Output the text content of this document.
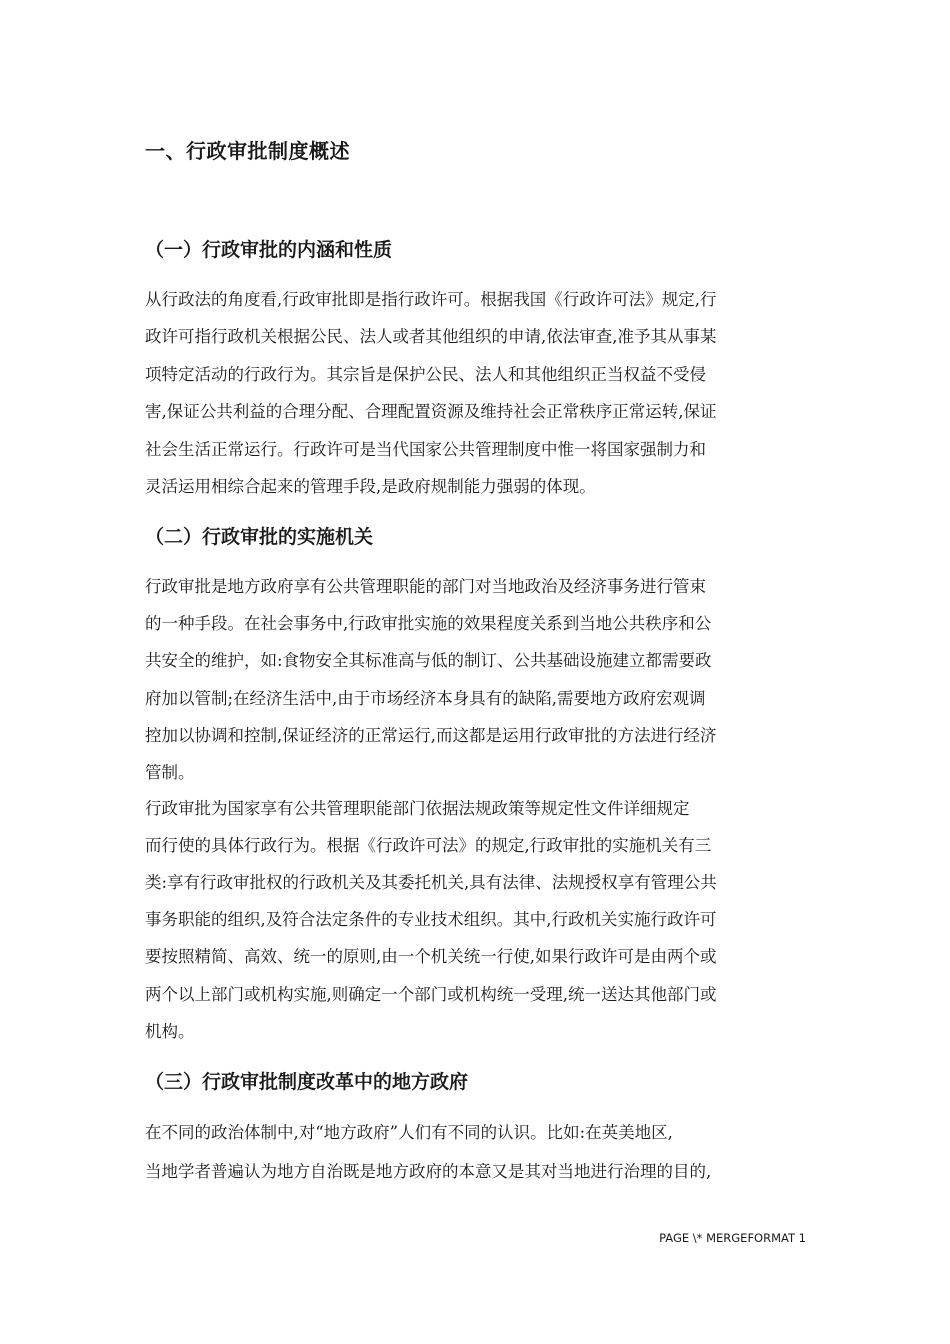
一、行政审批制度概述
（一）行政审批的内涵和性质
从行政法的角度看,行政审批即是指行政许可。根据我国《行政许可法》规定,行
政许可指行政机关根据公民、法人或者其他组织的申请,依法审查,准予其从事某
项特定活动的行政行为。其宗旨是保护公民、法人和其他组织正当权益不受侵
害,保证公共利益的合理分配、合理配置资源及维持社会正常秩序正常运转,保证
社会生活正常运行。行政许可是当代国家公共管理制度中惟一将国家强制力和
灵活运用相综合起来的管理手段,是政府规制能力强弱的体现。
（二）行政审批的实施机关
行政审批是地方政府享有公共管理职能的部门对当地政治及经济事务进行管束
的一种手段。在社会事务中,行政审批实施的效果程度关系到当地公共秩序和公
共安全的维护，如:食物安全其标准高与低的制订、公共基础设施建立都需要政
府加以管制;在经济生活中,由于市场经济本身具有的缺陷,需要地方政府宏观调
控加以协调和控制,保证经济的正常运行,而这都是运用行政审批的方法进行经济
管制。
行政审批为国家享有公共管理职能部门依据法规政策等规定性文件详细规定
而行使的具体行政行为。根据《行政许可法》的规定,行政审批的实施机关有三
类:享有行政审批权的行政机关及其委托机关,具有法律、法规授权享有管理公共
事务职能的组织,及符合法定条件的专业技术组织。其中,行政机关实施行政许可
要按照精简、高效、统一的原则,由一个机关统一行使,如果行政许可是由两个或
两个以上部门或机构实施,则确定一个部门或机构统一受理,统一送达其他部门或
机构。
（三）行政审批制度改革中的地方政府
在不同的政治体制中,对“地方政府”人们有不同的认识。比如:在英美地区,
当地学者普遍认为地方自治既是地方政府的本意又是其对当地进行治理的目的,
PAGE \* MERGEFORMAT 1
